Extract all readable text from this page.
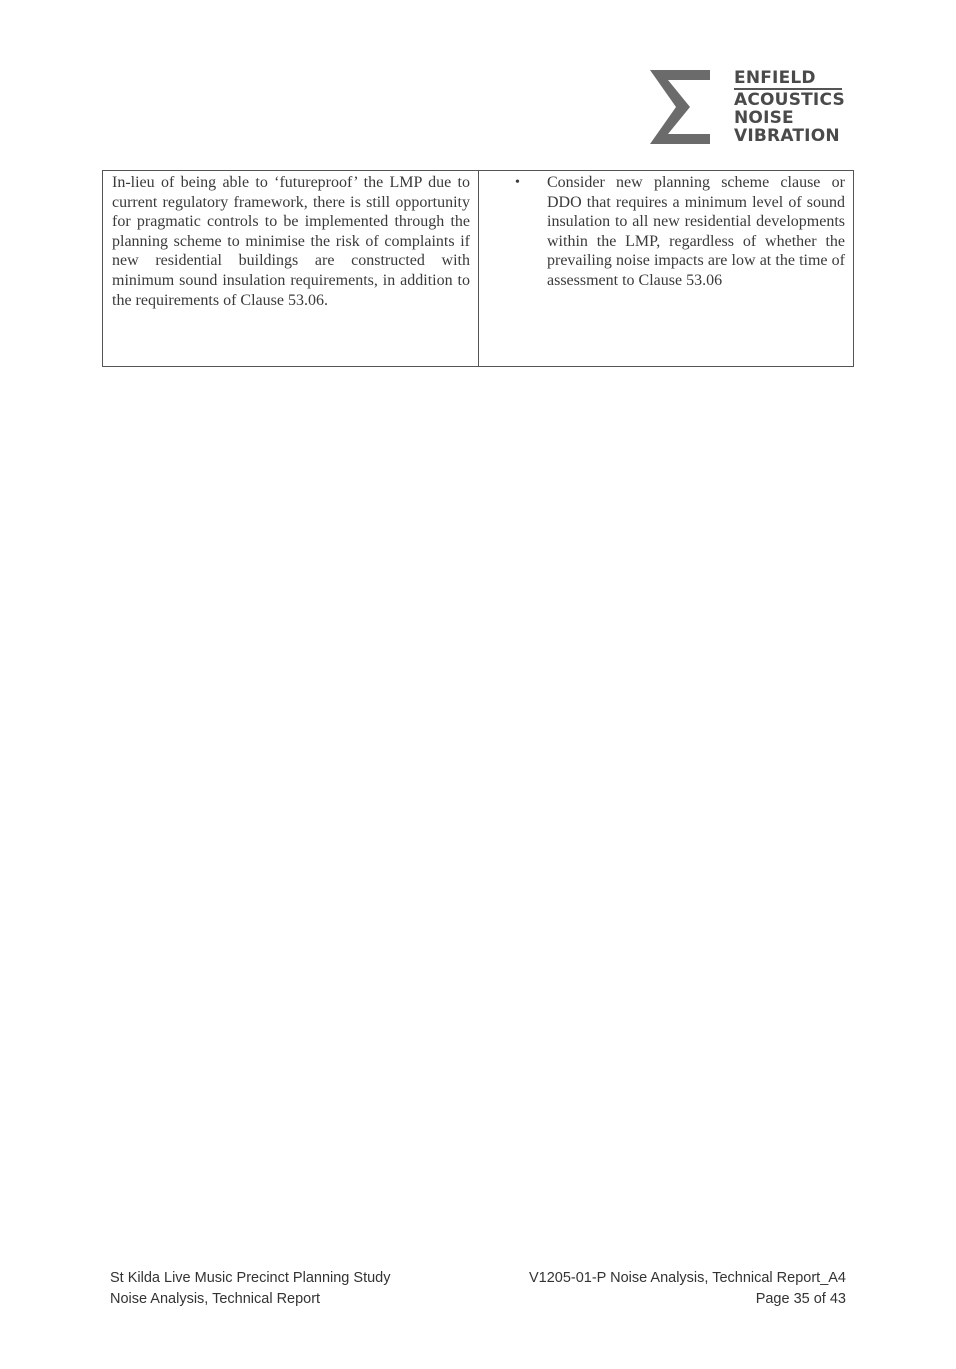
ENFIELD
ACOUSTICS
NOISE
VIBRATION
In-lieu of being able to ‘futureproof’ the LMP due to current regulatory framework, there is still opportunity for pragmatic controls to be implemented through the planning scheme to minimise the risk of complaints if new residential buildings are constructed with minimum sound insulation requirements, in addition to the requirements of Clause 53.06.
•	Consider new planning scheme clause or DDO that requires a minimum level of sound insulation to all new residential developments within the LMP, regardless of whether the prevailing noise impacts are low at the time of assessment to Clause 53.06
St Kilda Live Music Precinct Planning Study
Noise Analysis, Technical Report
V1205-01-P Noise Analysis, Technical Report_A4
Page 35 of 43
